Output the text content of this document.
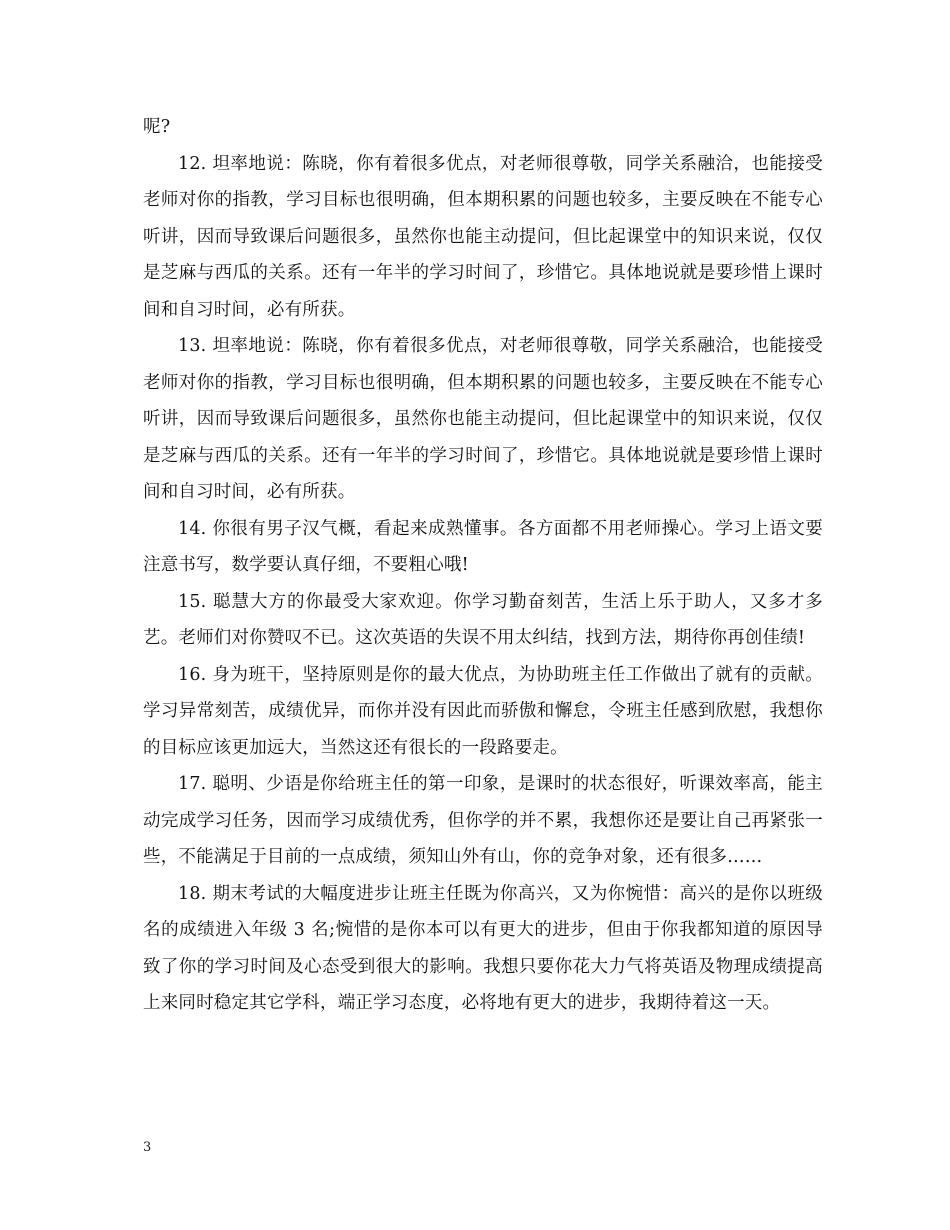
呢?

12. 坦率地说：陈晓，你有着很多优点，对老师很尊敬，同学关系融洽，也能接受老师对你的指教，学习目标也很明确，但本期积累的问题也较多，主要反映在不能专心听讲，因而导致课后问题很多，虽然你也能主动提问，但比起课堂中的知识来说，仅仅是芝麻与西瓜的关系。还有一年半的学习时间了，珍惜它。具体地说就是要珍惜上课时间和自习时间，必有所获。

13. 坦率地说：陈晓，你有着很多优点，对老师很尊敬，同学关系融洽，也能接受老师对你的指教，学习目标也很明确，但本期积累的问题也较多，主要反映在不能专心听讲，因而导致课后问题很多，虽然你也能主动提问，但比起课堂中的知识来说，仅仅是芝麻与西瓜的关系。还有一年半的学习时间了，珍惜它。具体地说就是要珍惜上课时间和自习时间，必有所获。

14. 你很有男子汉气概，看起来成熟懂事。各方面都不用老师操心。学习上语文要注意书写，数学要认真仔细，不要粗心哦!

15. 聪慧大方的你最受大家欢迎。你学习勤奋刻苦，生活上乐于助人，又多才多艺。老师们对你赞叹不已。这次英语的失误不用太纠结，找到方法，期待你再创佳绩!

16. 身为班干，坚持原则是你的最大优点，为协助班主任工作做出了就有的贡献。学习异常刻苦，成绩优异，而你并没有因此而骄傲和懈怠，令班主任感到欣慰，我想你的目标应该更加远大，当然这还有很长的一段路要走。

17. 聪明、少语是你给班主任的第一印象，是课时的状态很好，听课效率高，能主动完成学习任务，因而学习成绩优秀，但你学的并不累，我想你还是要让自己再紧张一些，不能满足于目前的一点成绩，须知山外有山，你的竞争对象，还有很多……

18. 期末考试的大幅度进步让班主任既为你高兴，又为你惋惜：高兴的是你以班级名的成绩进入年级 3 名;惋惜的是你本可以有更大的进步，但由于你我都知道的原因导致了你的学习时间及心态受到很大的影响。我想只要你花大力气将英语及物理成绩提高上来同时稳定其它学科，端正学习态度，必将地有更大的进步，我期待着这一天。

3
